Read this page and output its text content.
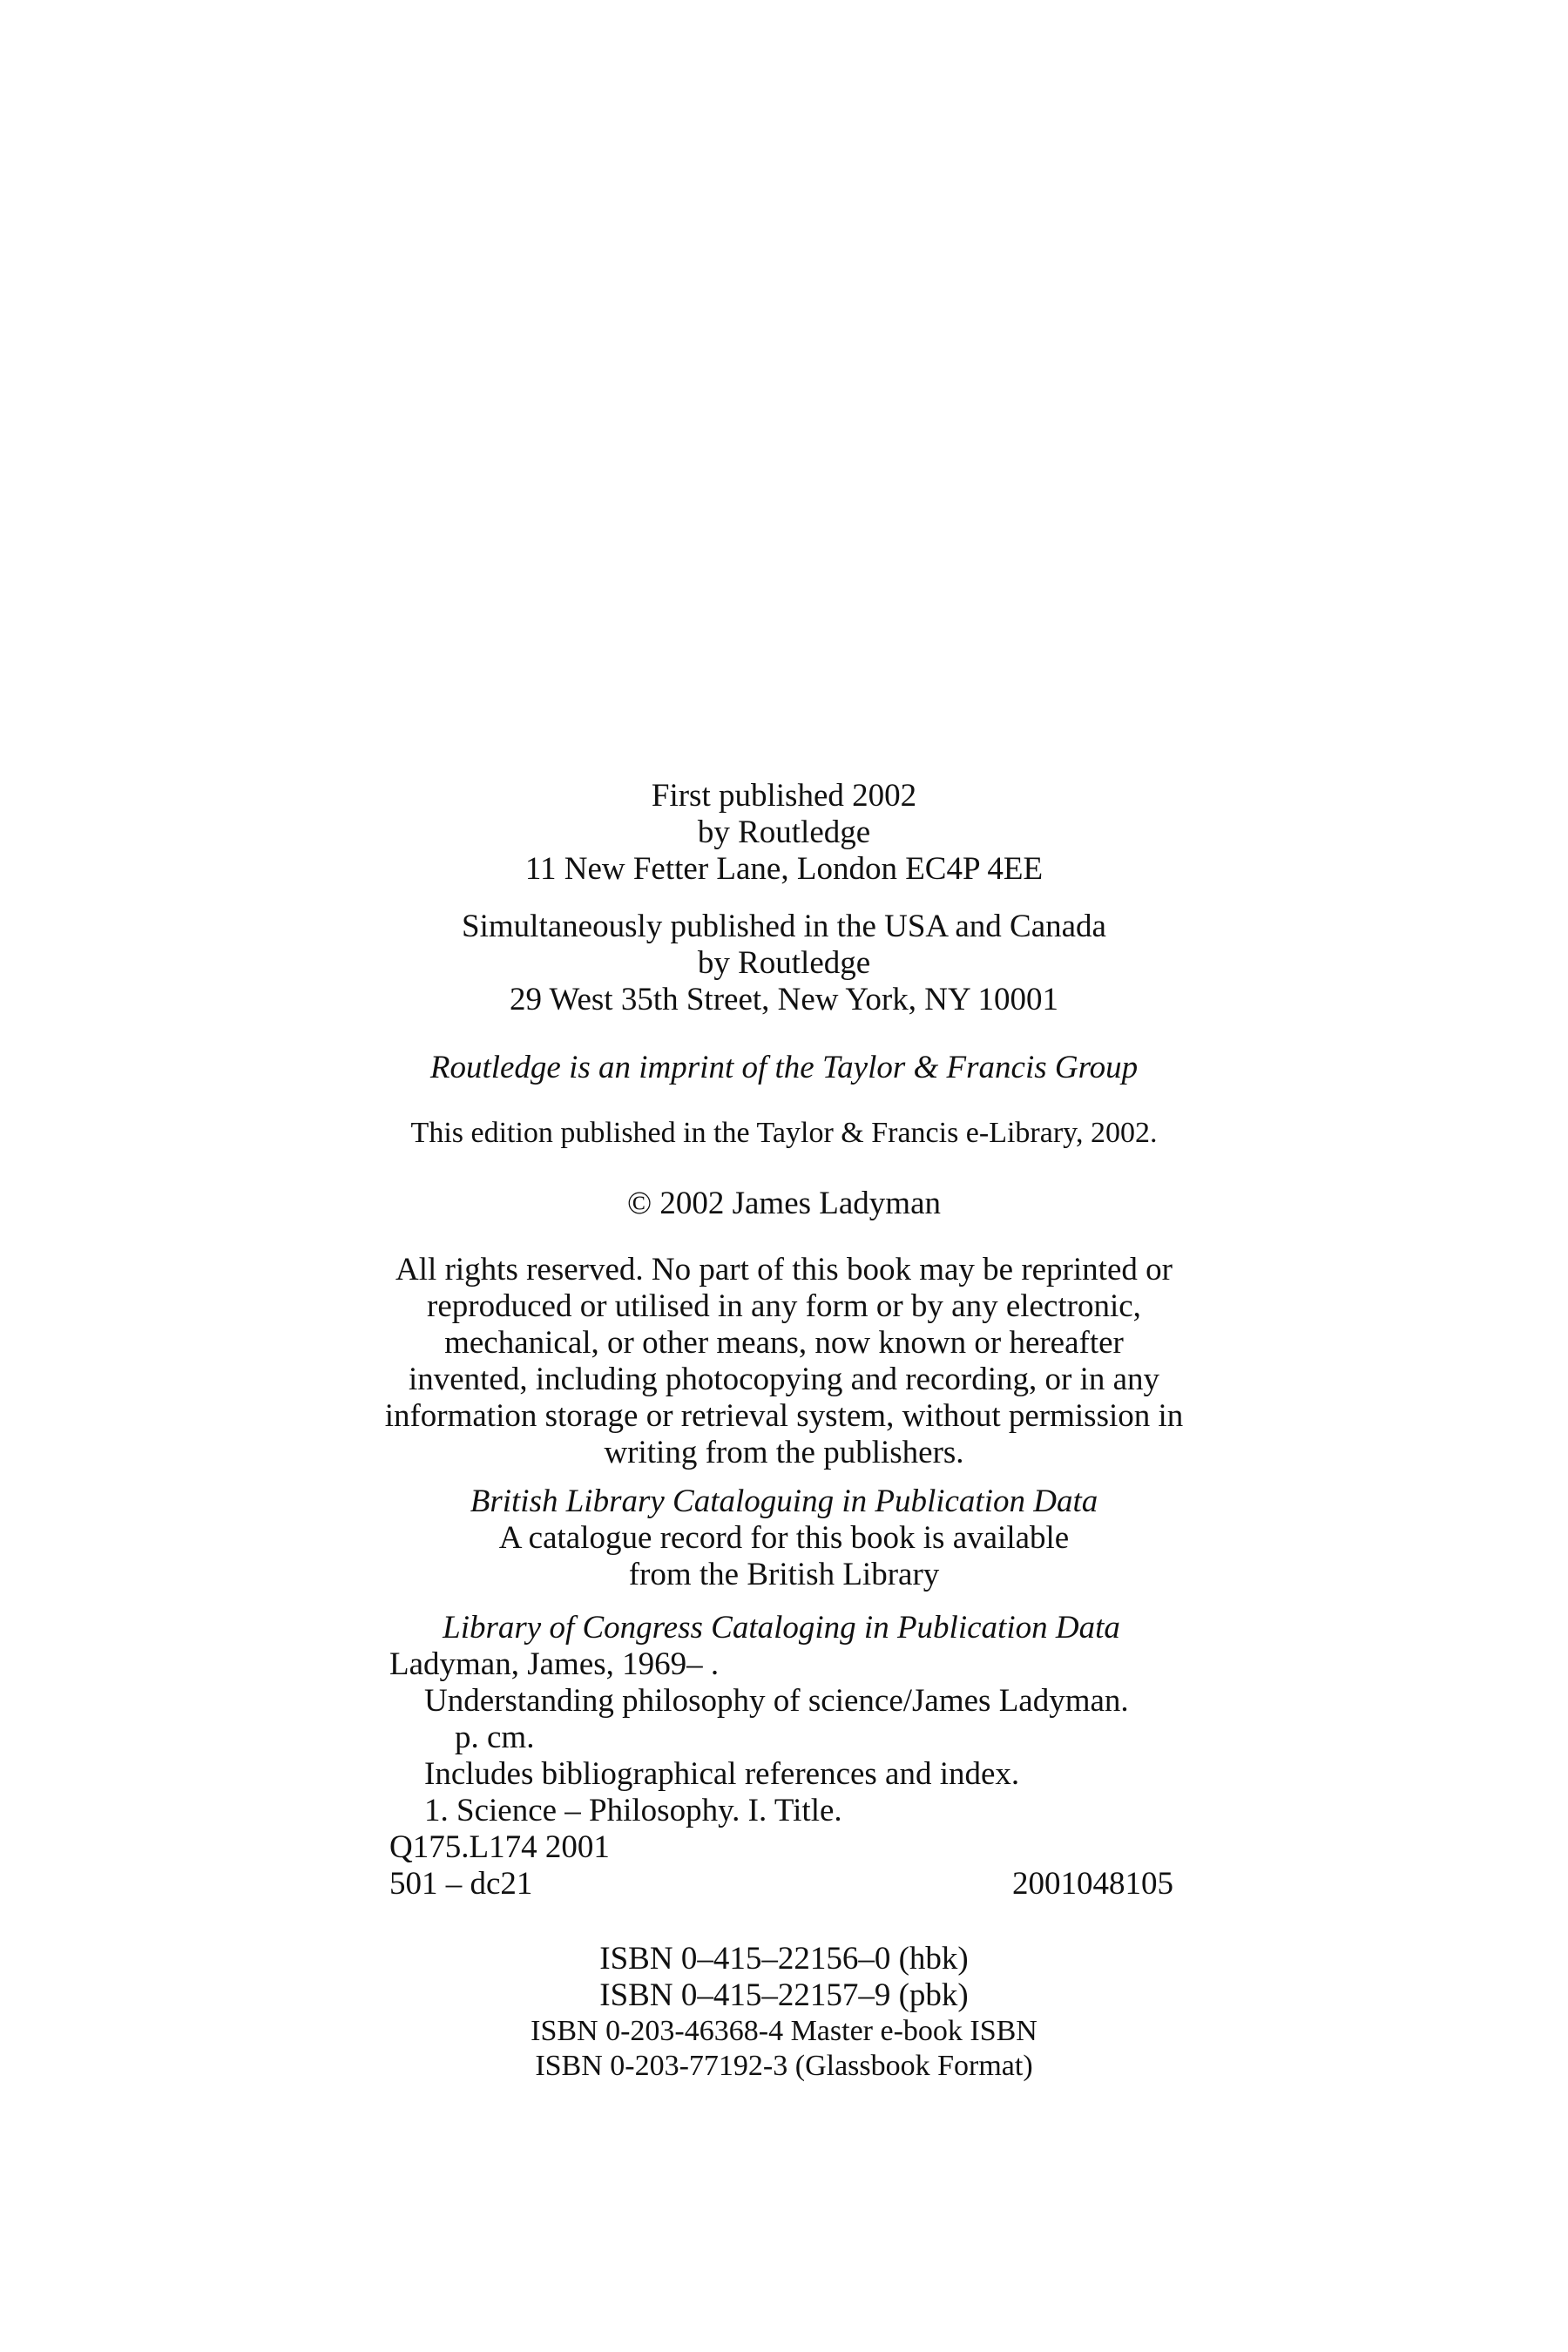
First published 2002
by Routledge
11 New Fetter Lane, London EC4P 4EE
Simultaneously published in the USA and Canada
by Routledge
29 West 35th Street, New York, NY 10001
Routledge is an imprint of the Taylor & Francis Group
This edition published in the Taylor & Francis e-Library, 2002.
© 2002 James Ladyman
All rights reserved. No part of this book may be reprinted or
reproduced or utilised in any form or by any electronic,
mechanical, or other means, now known or hereafter
invented, including photocopying and recording, or in any
information storage or retrieval system, without permission in
writing from the publishers.
British Library Cataloguing in Publication Data
A catalogue record for this book is available
from the British Library
Library of Congress Cataloging in Publication Data
Ladyman, James, 1969– .
Understanding philosophy of science/James Ladyman.
p. cm.
Includes bibliographical references and index.
1. Science – Philosophy. I. Title.
Q175.L174 2001
501 – dc21	2001048105
ISBN 0–415–22156–0 (hbk)
ISBN 0–415–22157–9 (pbk)
ISBN 0-203-46368-4 Master e-book ISBN
ISBN 0-203-77192-3 (Glassbook Format)
